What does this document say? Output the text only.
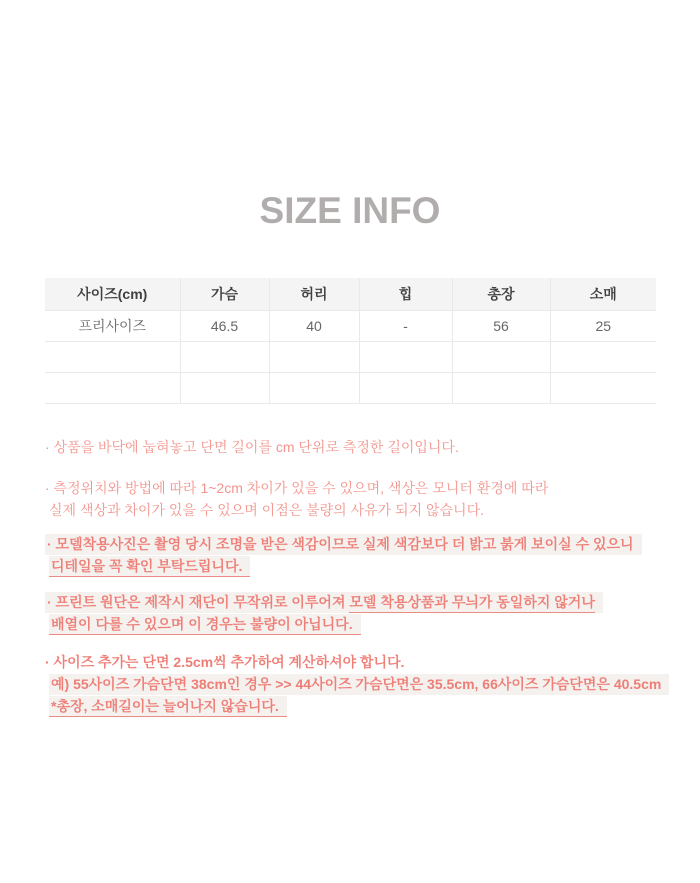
SIZE INFO
사이즈(cm)	가슴	허리	힙	총장	소매
프리사이즈	46.5	40	-	56	25

· 상품을 바닥에 눕혀놓고 단면 길이를 cm 단위로 측정한 길이입니다.

· 측정위치와 방법에 따라 1~2cm 차이가 있을 수 있으며, 색상은 모니터 환경에 따라
실제 색상과 차이가 있을 수 있으며 이점은 불량의 사유가 되지 않습니다.

· 모델착용사진은 촬영 당시 조명을 받은 색감이므로 실제 색감보다 더 밝고 붉게 보이실 수 있으니
디테일을 꼭 확인 부탁드립니다.

· 프린트 원단은 제작시 재단이 무작위로 이루어져 모델 착용상품과 무늬가 동일하지 않거나
배열이 다를 수 있으며 이 경우는 불량이 아닙니다.

· 사이즈 추가는 단면 2.5cm씩 추가하여 계산하셔야 합니다.
예) 55사이즈 가슴단면 38cm인 경우 >> 44사이즈 가슴단면은 35.5cm, 66사이즈 가슴단면은 40.5cm
*총장, 소매길이는 늘어나지 않습니다.
